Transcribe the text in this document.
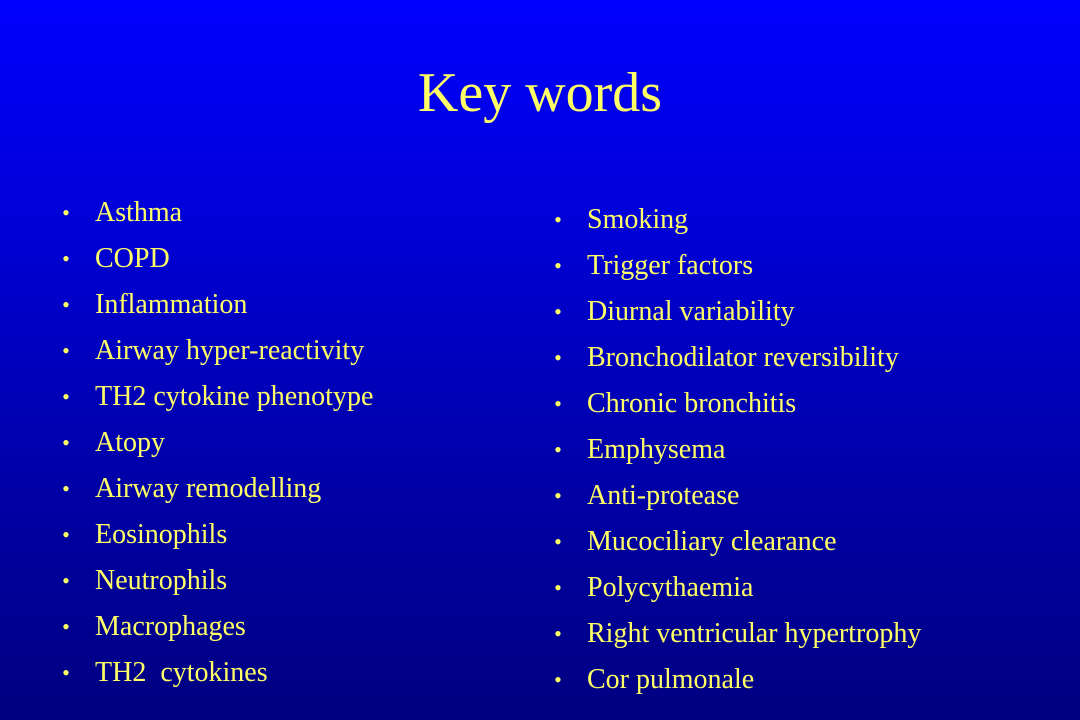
Key words
• Asthma
• COPD
• Inflammation
• Airway hyper-reactivity
• TH2 cytokine phenotype
• Atopy
• Airway remodelling
• Eosinophils
• Neutrophils
• Macrophages
• TH2  cytokines
• Smoking
• Trigger factors
• Diurnal variability
• Bronchodilator reversibility
• Chronic bronchitis
• Emphysema
• Anti-protease
• Mucociliary clearance
• Polycythaemia
• Right ventricular hypertrophy
• Cor pulmonale
